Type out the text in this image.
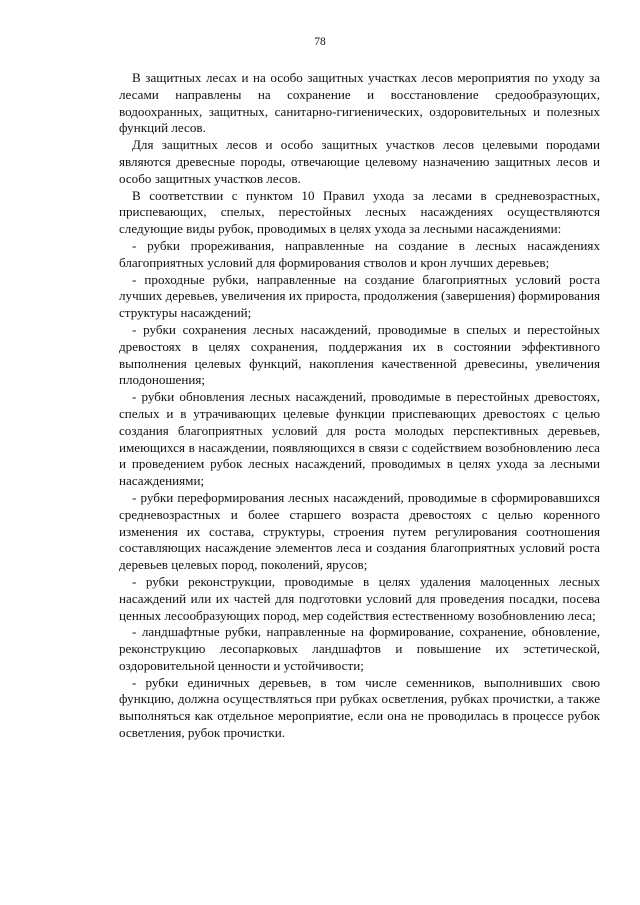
78

В защитных лесах и на особо защитных участках лесов мероприятия по уходу за лесами направлены на сохранение и восстановление средообразующих, водоохранных, защитных, санитарно-гигиенических, оздоровительных и полезных функций лесов.

Для защитных лесов и особо защитных участков лесов целевыми породами являются древесные породы, отвечающие целевому назначению защитных лесов и особо защитных участков лесов.

В соответствии с пунктом 10 Правил ухода за лесами в средневозрастных, приспевающих, спелых, перестойных лесных насаждениях осуществляются следующие виды рубок, проводимых в целях ухода за лесными насаждениями:

- рубки прореживания, направленные на создание в лесных насаждениях благоприятных условий для формирования стволов и крон лучших деревьев;

- проходные рубки, направленные на создание благоприятных условий роста лучших деревьев, увеличения их прироста, продолжения (завершения) формирования структуры насаждений;

- рубки сохранения лесных насаждений, проводимые в спелых и перестойных древостоях в целях сохранения, поддержания их в состоянии эффективного выполнения целевых функций, накопления качественной древесины, увеличения плодоношения;

- рубки обновления лесных насаждений, проводимые в перестойных древостоях, спелых и в утрачивающих целевые функции приспевающих древостоях с целью создания благоприятных условий для роста молодых перспективных деревьев, имеющихся в насаждении, появляющихся в связи с содействием возобновлению леса и проведением рубок лесных насаждений, проводимых в целях ухода за лесными насаждениями;

- рубки переформирования лесных насаждений, проводимые в сформировавшихся средневозрастных и более старшего возраста древостоях с целью коренного изменения их состава, структуры, строения путем регулирования соотношения составляющих насаждение элементов леса и создания благоприятных условий роста деревьев целевых пород, поколений, ярусов;

- рубки реконструкции, проводимые в целях удаления малоценных лесных насаждений или их частей для подготовки условий для проведения посадки, посева ценных лесообразующих пород, мер содействия естественному возобновлению леса;

- ландшафтные рубки, направленные на формирование, сохранение, обновление, реконструкцию лесопарковых ландшафтов и повышение их эстетической, оздоровительной ценности и устойчивости;

- рубки единичных деревьев, в том числе семенников, выполнивших свою функцию, должна осуществляться при рубках осветления, рубках прочистки, а также выполняться как отдельное мероприятие, если она не проводилась в процессе рубок осветления, рубок прочистки.
